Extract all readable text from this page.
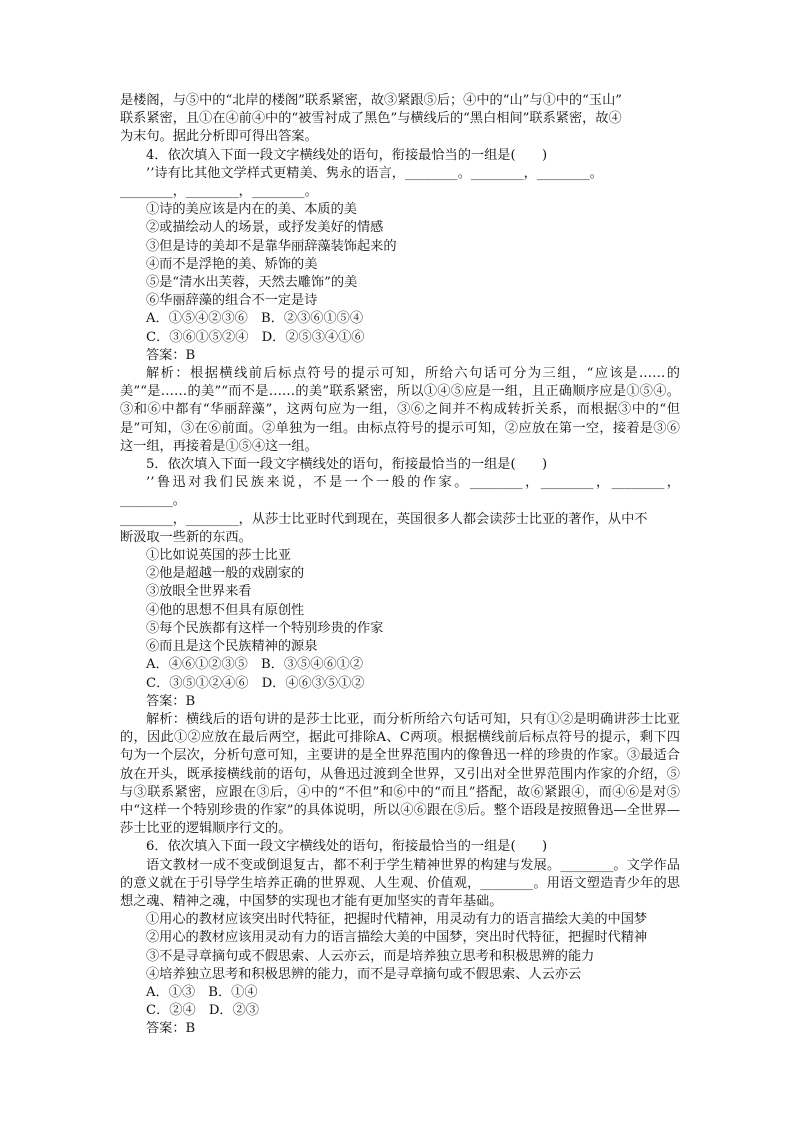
是楼阁，与⑤中的“北岸的楼阁”联系紧密，故③紧跟⑤后；④中的“山”与①中的“玉山”

联系紧密，且①在④前④中的“被雪衬成了黑色”与横线后的“黑白相间”联系紧密，故④

为末句。据此分析即可得出答案。

4．依次填入下面一段文字横线处的语句，衔接最恰当的一组是(　　)

’’诗有比其他文学样式更精美、隽永的语言，________。________，________。

________，________，________。

①诗的美应该是内在的美、本质的美

②或描绘动人的场景，或抒发美好的情感

③但是诗的美却不是靠华丽辞藻装饰起来的

④而不是浮艳的美、矫饰的美

⑤是“清水出芙蓉，天然去雕饰”的美

⑥华丽辞藻的组合不一定是诗

A．①⑤④②③⑥　B．②③⑥①⑤④

C．③⑥①⑤②④　D．②⑤③④①⑥

答案：B

解析：根据横线前后标点符号的提示可知，所给六句话可分为三组，“应该是……的美”“是……的美”“而不是……的美”联系紧密，所以①④⑤应是一组，且正确顺序应是①⑤④。③和⑥中都有“华丽辞藻”，这两句应为一组，③⑥之间并不构成转折关系，而根据③中的“但是”可知，③在⑥前面。②单独为一组。由标点符号的提示可知，②应放在第一空，接着是③⑥这一组，再接着是①⑤④这一组。

5．依次填入下面一段文字横线处的语句，衔接最恰当的一组是(　　)

’’鲁迅对我们民族来说，不是一个一般的作家。________，________，________，________。

________，________，从莎士比亚时代到现在，英国很多人都会读莎士比亚的著作，从中不

断汲取一些新的东西。

①比如说英国的莎士比亚

②他是超越一般的戏剧家的

③放眼全世界来看

④他的思想不但具有原创性

⑤每个民族都有这样一个特别珍贵的作家

⑥而且是这个民族精神的源泉

A．④⑥①②③⑤　B．③⑤④⑥①②

C．③⑤①②④⑥　D．④⑥③⑤①②

答案：B

解析：横线后的语句讲的是莎士比亚，而分析所给六句话可知，只有①②是明确讲莎士比亚的，因此①②应放在最后两空，据此可排除A、C两项。根据横线前后标点符号的提示，剩下四句为一个层次，分析句意可知，主要讲的是全世界范围内的像鲁迅一样的珍贵的作家。③最适合放在开头，既承接横线前的语句，从鲁迅过渡到全世界，又引出对全世界范围内作家的介绍，⑤与③联系紧密，应跟在③后，④中的“不但”和⑥中的“而且”搭配，故⑥紧跟④，而④⑥是对⑤中“这样一个特别珍贵的作家”的具体说明，所以④⑥跟在⑤后。整个语段是按照鲁迅—全世界—莎士比亚的逻辑顺序行文的。

6．依次填入下面一段文字横线处的语句，衔接最恰当的一组是(　　)

语文教材一成不变或倒退复古，都不利于学生精神世界的构建与发展。________。文学作品的意义就在于引导学生培养正确的世界观、人生观、价值观，________。用语文塑造青少年的思想之魂、精神之魂，中国梦的实现也才能有更加坚实的青年基础。

①用心的教材应该突出时代特征，把握时代精神，用灵动有力的语言描绘大美的中国梦

②用心的教材应该用灵动有力的语言描绘大美的中国梦，突出时代特征，把握时代精神

③不是寻章摘句或不假思索、人云亦云，而是培养独立思考和积极思辨的能力

④培养独立思考和积极思辨的能力，而不是寻章摘句或不假思索、人云亦云

A．①③　B．①④

C．②④　D．②③

答案：B
